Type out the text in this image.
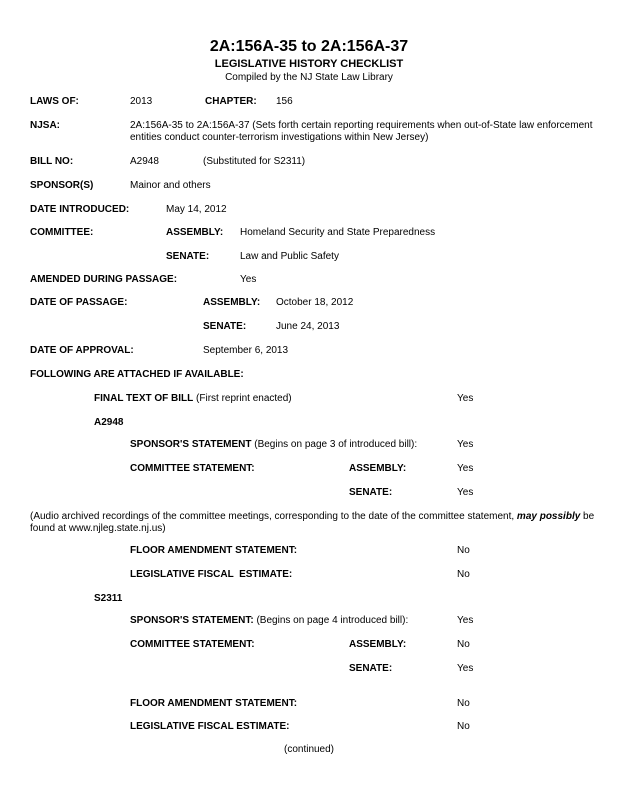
2A:156A-35 to 2A:156A-37
LEGISLATIVE HISTORY CHECKLIST
Compiled by the NJ State Law Library
LAWS OF:	2013	CHAPTER: 156
NJSA:	2A:156A-35 to 2A:156A-37 (Sets forth certain reporting requirements when out-of-State law enforcement entities conduct counter-terrorism investigations within New Jersey)
BILL NO:	A2948	(Substituted for S2311)
SPONSOR(S)	Mainor and others
DATE INTRODUCED:	May 14, 2012
COMMITTEE:	ASSEMBLY: Homeland Security and State Preparedness
SENATE:	Law and Public Safety
AMENDED DURING PASSAGE:	Yes
DATE OF PASSAGE:	ASSEMBLY: October 18, 2012
SENATE:	June 24, 2013
DATE OF APPROVAL:	September 6, 2013
FOLLOWING ARE ATTACHED IF AVAILABLE:
FINAL TEXT OF BILL (First reprint enacted)	Yes
A2948
SPONSOR'S STATEMENT (Begins on page 3 of introduced bill):	Yes
COMMITTEE STATEMENT:	ASSEMBLY:	Yes
SENATE:	Yes
(Audio archived recordings of the committee meetings, corresponding to the date of the committee statement, may possibly be found at www.njleg.state.nj.us)
FLOOR AMENDMENT STATEMENT:	No
LEGISLATIVE FISCAL  ESTIMATE:	No
S2311
SPONSOR'S STATEMENT: (Begins on page 4 introduced bill):	Yes
COMMITTEE STATEMENT:	ASSEMBLY:	No
SENATE:	Yes
FLOOR AMENDMENT STATEMENT:	No
LEGISLATIVE FISCAL ESTIMATE:	No
(continued)
